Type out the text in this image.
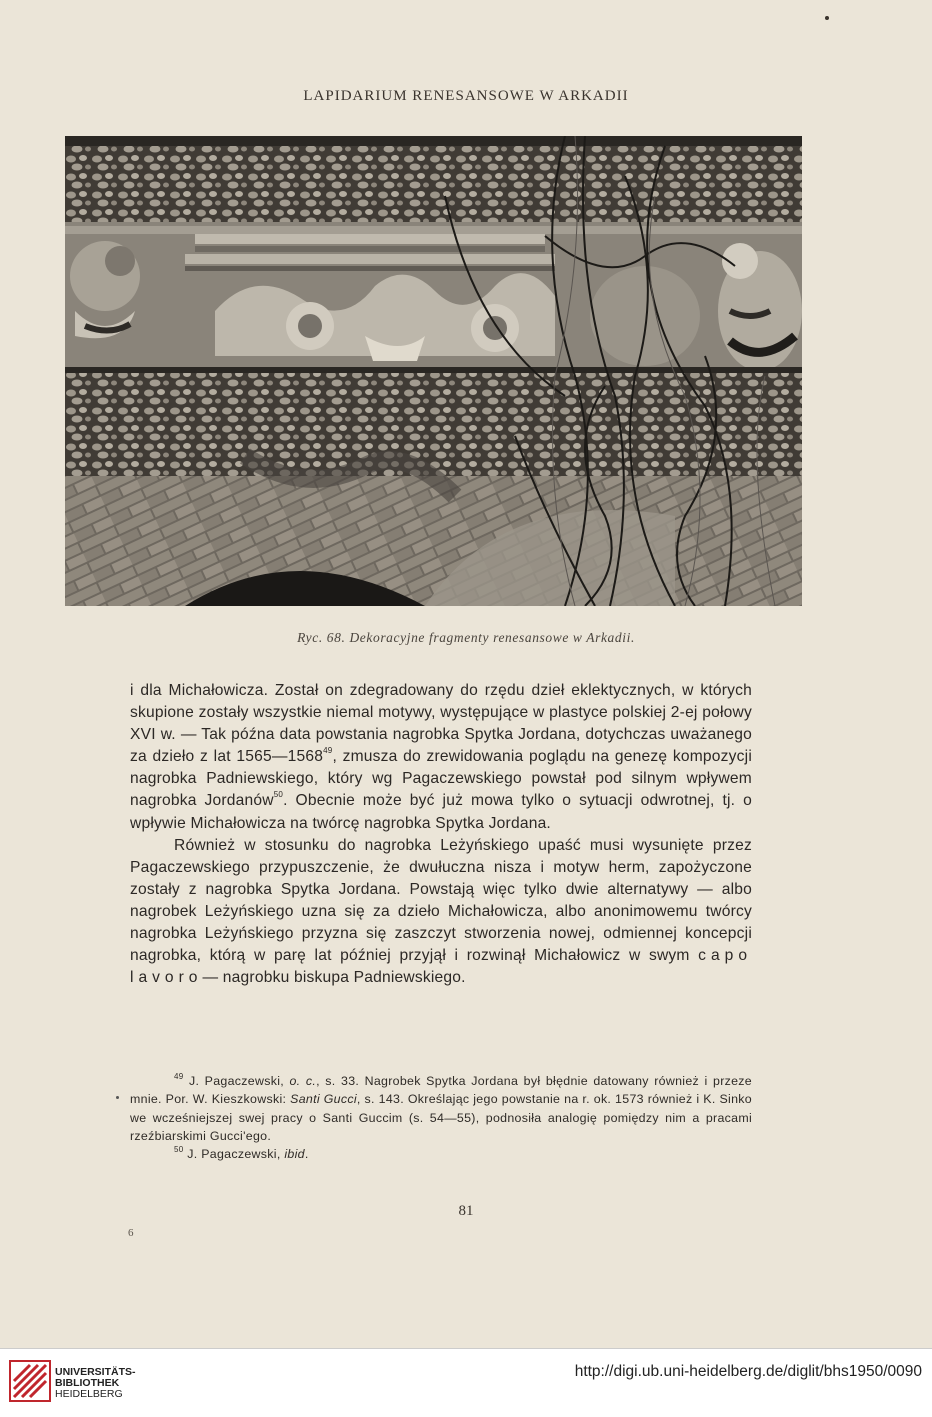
LAPIDARIUM RENESANSOWE W ARKADII
Ryc. 68. Dekoracyjne fragmenty renesansowe w Arkadii.

i dla Michałowicza. Został on zdegradowany do rzędu dzieł eklektycznych, w których skupione zostały wszystkie niemal motywy, występujące w plastyce polskiej 2-ej połowy XVI w. — Tak późna data powstania nagrobka Spytka Jordana, dotychczas uważanego za dzieło z lat 1565—1568$^{49}$, zmusza do zrewidowania poglądu na genezę kompozycji nagrobka Padniewskiego, który wg Pagaczewskiego powstał pod silnym wpływem nagrobka Jordanów$^{50}$. Obecnie może być już mowa tylko o sytuacji odwrotnej, tj. o wpływie Michałowicza na twórcę nagrobka Spytka Jordana.

Również w stosunku do nagrobka Leżyńskiego upaść musi wysunięte przez Pagaczewskiego przypuszczenie, że dwułuczna nisza i motyw herm, zapożyczone zostały z nagrobka Spytka Jordana. Powstają więc tylko dwie alternatywy — albo nagrobek Leżyńskiego uzna się za dzieło Michałowicza, albo anonimowemu twórcy nagrobka Leżyńskiego przyzna się zaszczyt stworzenia nowej, odmiennej koncepcji nagrobka, którą w parę lat później przyjął i rozwinął Michałowicz w swym capo lavoro— nagrobku biskupa Padniewskiego.

$^{49}$ J. Pagaczewski, o. c., s. 33. Nagrobek Spytka Jordana był błędnie datowany również i przeze mnie. Por. W. Kieszkowski: Santi Gucci, s. 143. Określając jego powstanie na r. ok. 1573 również i K. Sinko we wcześniejszej swej pracy o Santi Guccim (s. 54—55), podnosiła analogię pomiędzy nim a pracami rzeźbiarskimi Gucci'ego.

$^{50}$ J. Pagaczewski, ibid.

81
6
UNIVERSITÄTS-
BIBLIOTHEK
HEIDELBERG
http://digi.ub.uni-heidelberg.de/diglit/bhs1950/0090
